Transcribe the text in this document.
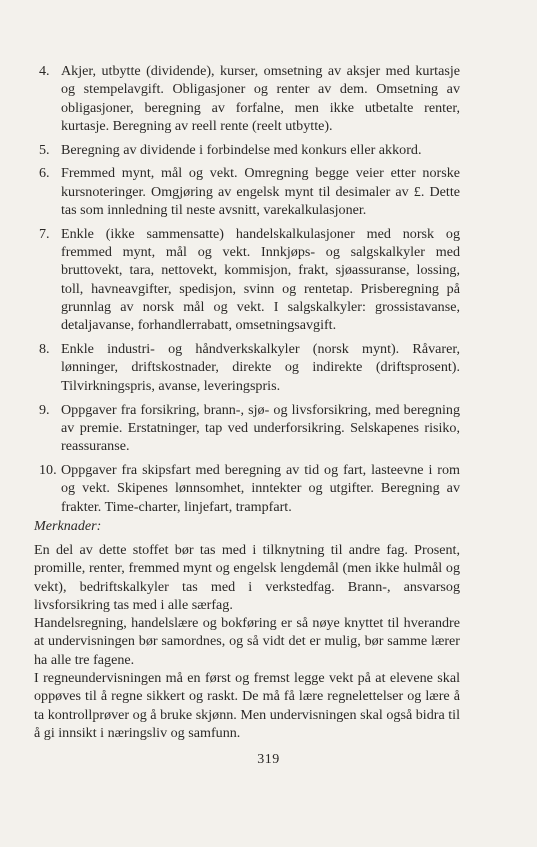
4. Akjer, utbytte (dividende), kurser, omsetning av aksjer med kurtasje og stempelavgift. Obligasjoner og renter av dem. Omsetning av obligasjoner, beregning av forfalne, men ikke utbetalte renter, kurtasje. Beregning av reell rente (reelt utbytte).
5. Beregning av dividende i forbindelse med konkurs eller akkord.
6. Fremmed mynt, mål og vekt. Omregning begge veier etter norske kursnoteringer. Omgjøring av engelsk mynt til desimaler av £. Dette tas som innledning til neste avsnitt, varekalkulasjoner.
7. Enkle (ikke sammensatte) handelskalkulasjoner med norsk og fremmed mynt, mål og vekt. Innkjøps- og salgskalkyler med bruttovekt, tara, nettovekt, kommisjon, frakt, sjøassuranse, lossing, toll, havneavgifter, spedisjon, svinn og rentetap. Prisberegning på grunnlag av norsk mål og vekt. I salgskalkyler: grossistavanse, detaljavanse, forhandlerrabatt, omsetningsavgift.
8. Enkle industri- og håndverkskalkyler (norsk mynt). Råvarer, lønninger, driftskostnader, direkte og indirekte (driftsprosent). Tilvirkningspris, avanse, leveringspris.
9. Oppgaver fra forsikring, brann-, sjø- og livsforsikring, med beregning av premie. Erstatninger, tap ved underforsikring. Selskapenes risiko, reassuranse.
10. Oppgaver fra skipsfart med beregning av tid og fart, lasteevne i rom og vekt. Skipenes lønnsomhet, inntekter og utgifter. Beregning av frakter. Time-charter, linjefart, trampfart.
Merknader:

En del av dette stoffet bør tas med i tilknytning til andre fag. Prosent, promille, renter, fremmed mynt og engelsk lengdemål (men ikke hulmål og vekt), bedriftskalkyler tas med i verkstedfag. Brann-, ansvarsog livsforsikring tas med i alle særfag.

Handelsregning, handelslære og bokføring er så nøye knyttet til hverandre at undervisningen bør samordnes, og så vidt det er mulig, bør samme lærer ha alle tre fagene.

I regneundervisningen må en først og fremst legge vekt på at elevene skal oppøves til å regne sikkert og raskt. De må få lære regnelettelser og lære å ta kontrollprøver og å bruke skjønn. Men undervisningen skal også bidra til å gi innsikt i næringsliv og samfunn.

319
